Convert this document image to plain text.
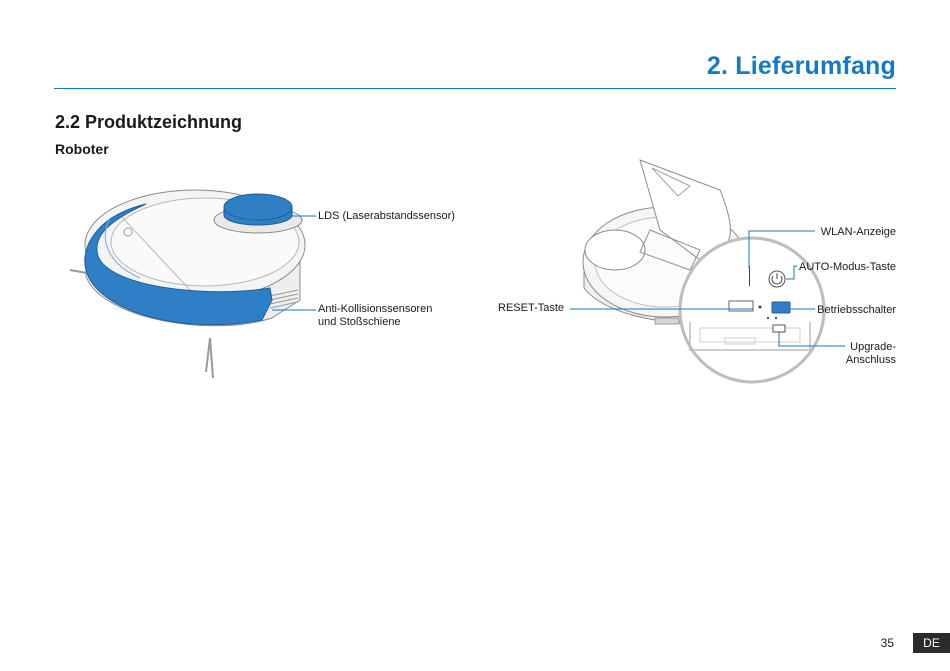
2. Lieferumfang
2.2 Produktzeichnung
Roboter
LDS (Laserabstandssensor)
Anti-Kollisionssensoren
und Stoßschiene
WLAN-Anzeige
AUTO-Modus-Taste
RESET-Taste	Betriebsschalter
Upgrade-
Anschluss
35	DE
